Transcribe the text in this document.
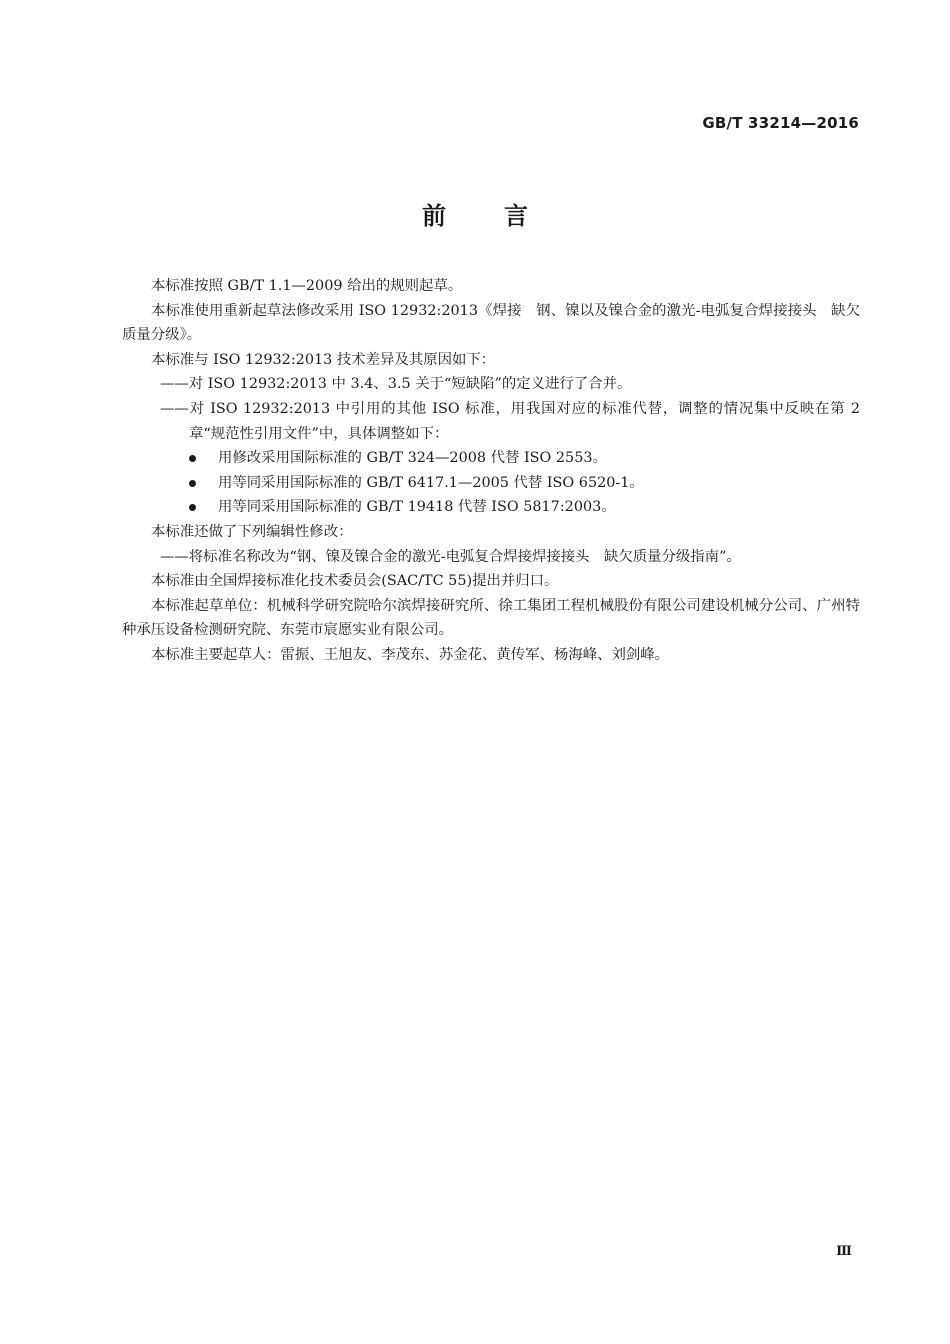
GB/T 33214—2016
前言

本标准按照 GB/T 1.1—2009 给出的规则起草。

本标准使用重新起草法修改采用 ISO 12932:2013《焊接　钢、镍以及镍合金的激光-电弧复合焊接接头　缺欠质量分级》。

本标准与 ISO 12932:2013 技术差异及其原因如下：

——对 ISO 12932:2013 中 3.4、3.5 关于“短缺陷”的定义进行了合并。

——对 ISO 12932:2013 中引用的其他 ISO 标准，用我国对应的标准代替，调整的情况集中反映在第 2 章“规范性引用文件”中，具体调整如下：

用修改采用国际标准的 GB/T 324—2008 代替 ISO 2553。

用等同采用国际标准的 GB/T 6417.1—2005 代替 ISO 6520-1。

用等同采用国际标准的 GB/T 19418 代替 ISO 5817:2003。

本标准还做了下列编辑性修改：

——将标准名称改为“钢、镍及镍合金的激光-电弧复合焊接焊接接头　缺欠质量分级指南”。

本标准由全国焊接标准化技术委员会(SAC/TC 55)提出并归口。

本标准起草单位：机械科学研究院哈尔滨焊接研究所、徐工集团工程机械股份有限公司建设机械分公司、广州特种承压设备检测研究院、东莞市宸愿实业有限公司。

本标准主要起草人：雷振、王旭友、李茂东、苏金花、黄传军、杨海峰、刘剑峰。

Ⅲ
